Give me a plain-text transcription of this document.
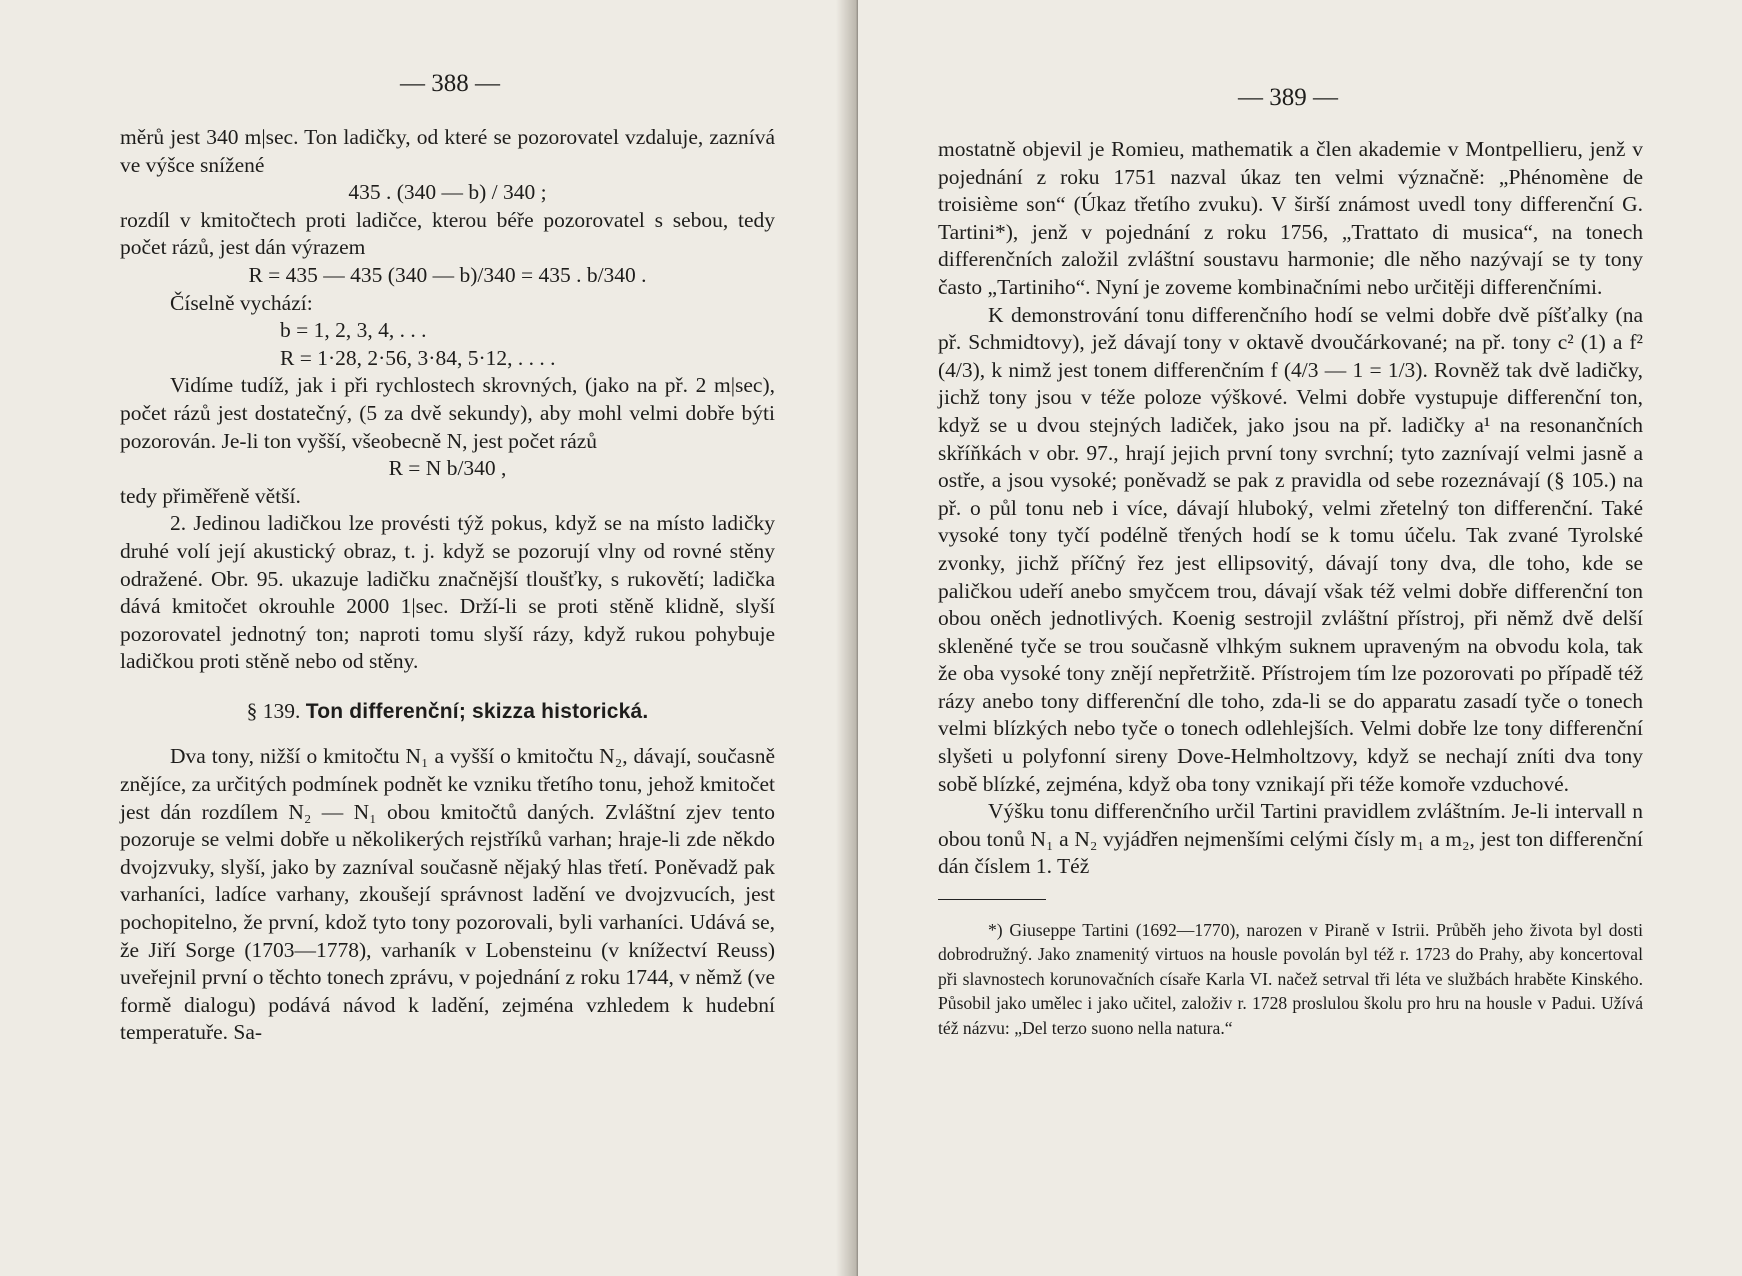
— 388 —

měrů jest 340 m|sec. Ton ladičky, od které se pozorovatel vzdaluje, zaznívá ve výšce snížené

435 . (340 — b) / 340 ;

rozdíl v kmitočtech proti ladičce, kterou béře pozorovatel s sebou, tedy počet rázů, jest dán výrazem

R = 435 — 435 (340 — b)/340 = 435 . b/340 .

Číselně vychází:

b = 1, 2, 3, 4, . . .

R = 1·28, 2·56, 3·84, 5·12, . . . .

Vidíme tudíž, jak i při rychlostech skrovných, (jako na př. 2 m|sec), počet rázů jest dostatečný, (5 za dvě sekundy), aby mohl velmi dobře býti pozorován. Je-li ton vyšší, všeobecně N, jest počet rázů

R = N b/340 ,

tedy přiměřeně větší.

2. Jedinou ladičkou lze provésti týž pokus, když se na místo ladičky druhé volí její akustický obraz, t. j. když se pozorují vlny od rovné stěny odražené. Obr. 95. ukazuje ladičku značnější tloušťky, s rukovětí; ladička dává kmitočet okrouhle 2000 1|sec. Drží-li se proti stěně klidně, slyší pozorovatel jednotný ton; naproti tomu slyší rázy, když rukou pohybuje ladičkou proti stěně nebo od stěny.

§ 139. Ton differenční; skizza historická.

Dva tony, nižší o kmitočtu N₁ a vyšší o kmitočtu N₂, dávají, současně znějíce, za určitých podmínek podnět ke vzniku třetího tonu, jehož kmitočet jest dán rozdílem N₂ — N₁ obou kmitočtů daných. Zvláštní zjev tento pozoruje se velmi dobře u několikerých rejstříků varhan; hraje-li zde někdo dvojzvuky, slyší, jako by zazníval současně nějaký hlas třetí. Poněvadž pak varhaníci, ladíce varhany, zkoušejí správnost ladění ve dvojzvucích, jest pochopitelno, že první, kdož tyto tony pozorovali, byli varhaníci. Udává se, že Jiří Sorge (1703—1778), varhaník v Lobensteinu (v knížectví Reuss) uveřejnil první o těchto tonech zprávu, v pojednání z roku 1744, v němž (ve formě dialogu) podává návod k ladění, zejména vzhledem k hudební temperatuře. Sa-

— 389 —

mostatně objevil je Romieu, mathematik a člen akademie v Montpellieru, jenž v pojednání z roku 1751 nazval úkaz ten velmi význačně: „Phénomène de troisième son“ (Úkaz třetího zvuku). V širší známost uvedl tony differenční G. Tartini*), jenž v pojednání z roku 1756, „Trattato di musica“, na tonech differenčních založil zvláštní soustavu harmonie; dle něho nazývají se ty tony často „Tartiniho“. Nyní je zoveme kombinačními nebo určitěji differenčními.

K demonstrování tonu differenčního hodí se velmi dobře dvě píšťalky (na př. Schmidtovy), jež dávají tony v oktavě dvoučárkované; na př. tony c² (1) a f² (4/3), k nimž jest tonem differenčním f (4/3 — 1 = 1/3). Rovněž tak dvě ladičky, jichž tony jsou v téže poloze výškové. Velmi dobře vystupuje differenční ton, když se u dvou stejných ladiček, jako jsou na př. ladičky a¹ na resonančních skříňkách v obr. 97., hrají jejich první tony svrchní; tyto zaznívají velmi jasně a ostře, a jsou vysoké; poněvadž se pak z pravidla od sebe rozeznávají (§ 105.) na př. o půl tonu neb i více, dávají hluboký, velmi zřetelný ton differenční. Také vysoké tony tyčí podélně třených hodí se k tomu účelu. Tak zvané Tyrolské zvonky, jichž příčný řez jest ellipsovitý, dávají tony dva, dle toho, kde se paličkou udeří anebo smyčcem trou, dávají však též velmi dobře differenční ton obou oněch jednotlivých. Koenig sestrojil zvláštní přístroj, při němž dvě delší skleněné tyče se trou současně vlhkým suknem upraveným na obvodu kola, tak že oba vysoké tony znějí nepřetržitě. Přístrojem tím lze pozorovati po případě též rázy anebo tony differenční dle toho, zda-li se do apparatu zasadí tyče o tonech velmi blízkých nebo tyče o tonech odlehlejších. Velmi dobře lze tony differenční slyšeti u polyfonní sireny Dove-Helmholtzovy, když se nechají zníti dva tony sobě blízké, zejména, když oba tony vznikají při téže komoře vzduchové.

Výšku tonu differenčního určil Tartini pravidlem zvláštním. Je-li intervall n obou tonů N₁ a N₂ vyjádřen nejmenšími celými čísly m₁ a m₂, jest ton differenční dán číslem 1. Též

*) Giuseppe Tartini (1692—1770), narozen v Piraně v Istrii. Průběh jeho života byl dosti dobrodružný. Jako znamenitý virtuos na housle povolán byl též r. 1723 do Prahy, aby koncertoval při slavnostech korunovačních císaře Karla VI. načež setrval tři léta ve službách hraběte Kinského. Působil jako umělec i jako učitel, založiv r. 1728 proslulou školu pro hru na housle v Padui. Užívá též názvu: „Del terzo suono nella natura.“
